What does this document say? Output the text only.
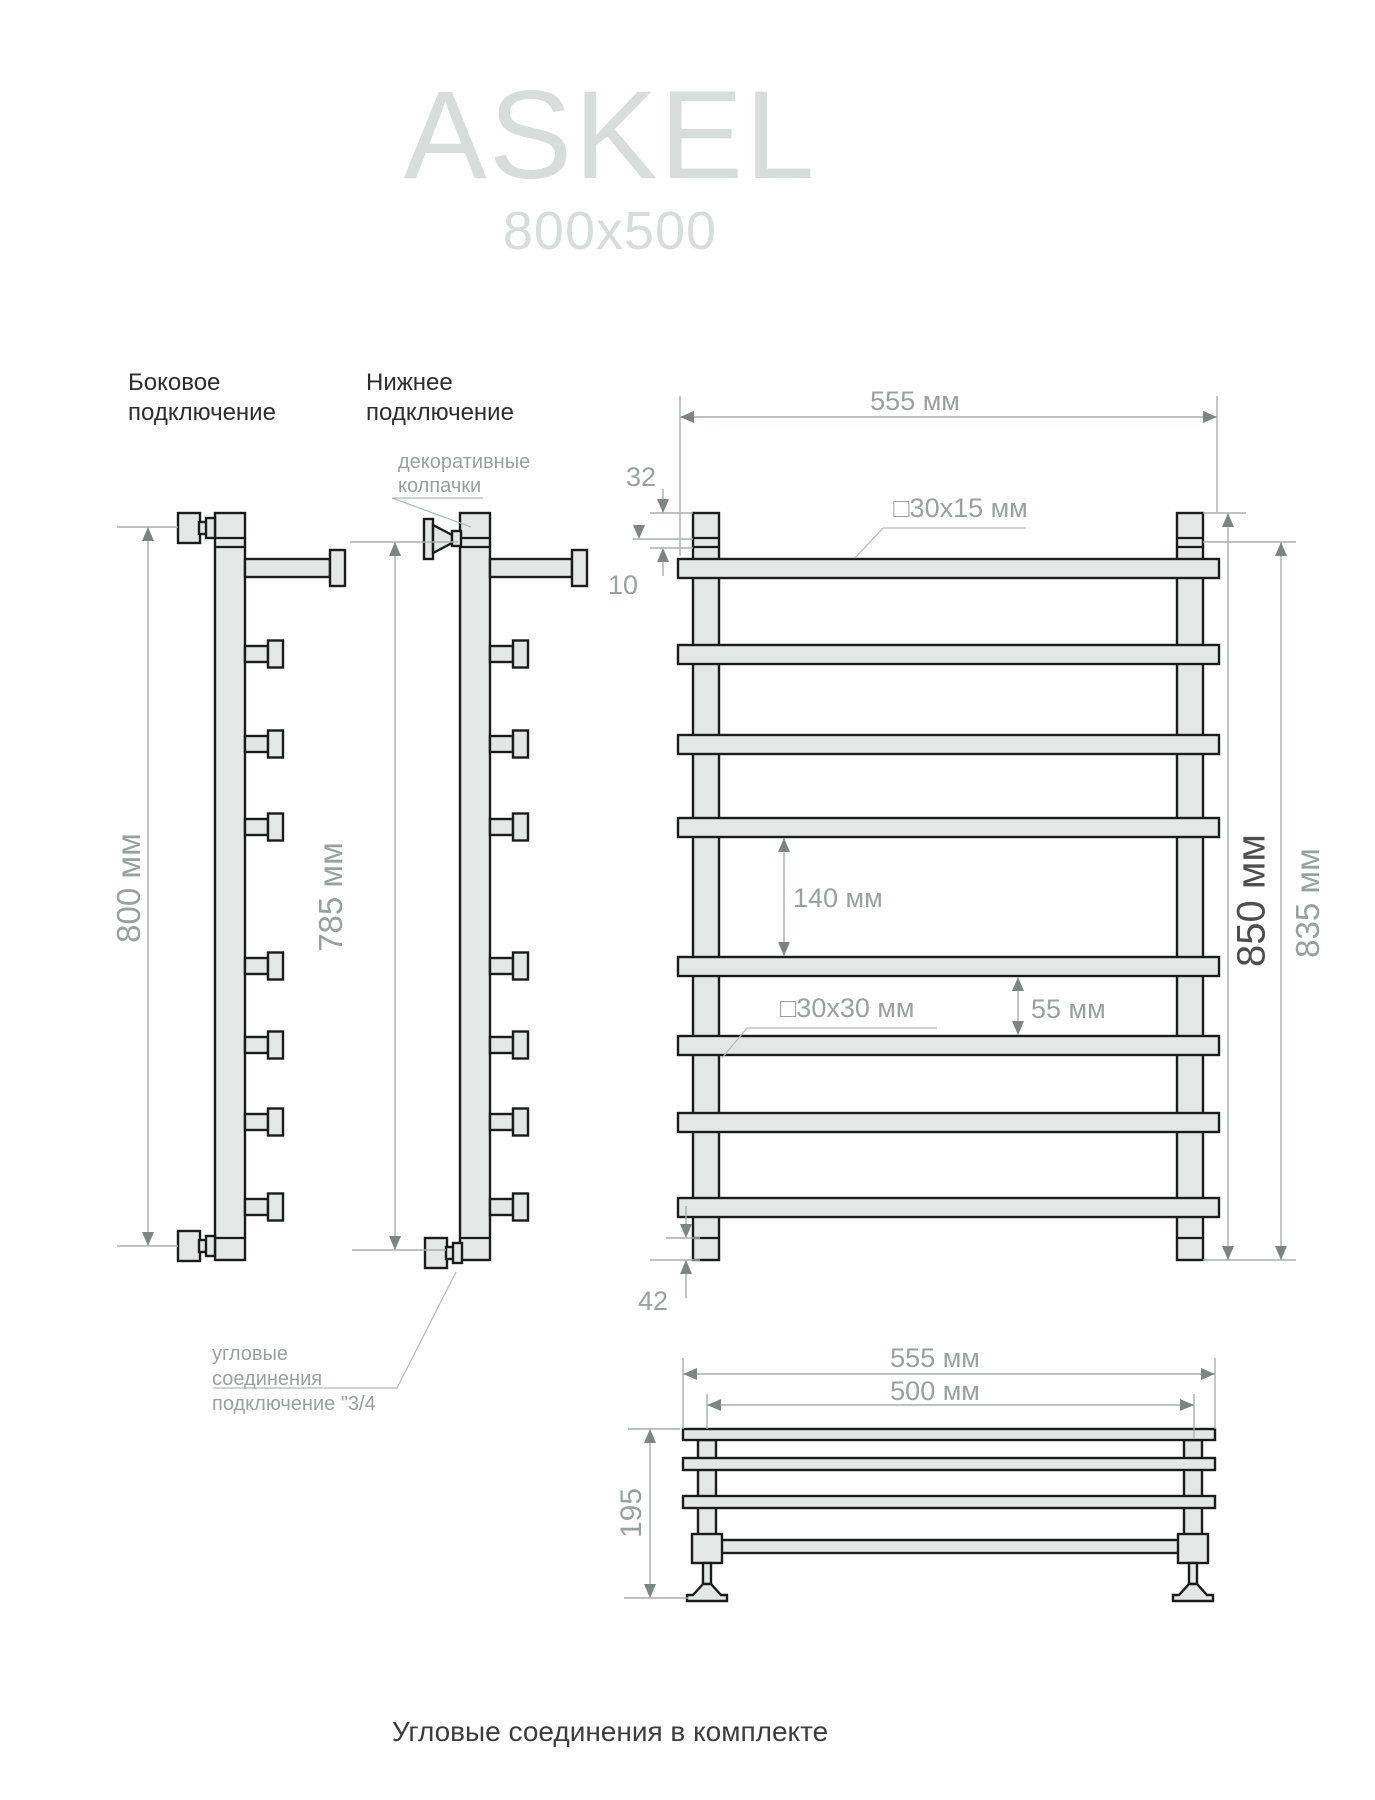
ASKEL
800x500
Боковое подключение
Нижнее подключение
декоративные
колпачки
угловые
соединения
подключение "3/4
555 мм
32
10
□30x15 мм
140 мм
55 мм
□30x30 мм
850 мм 835 мм
42
800 мм	785 мм
555 мм
500 мм
195
Угловые соединения в комплекте
